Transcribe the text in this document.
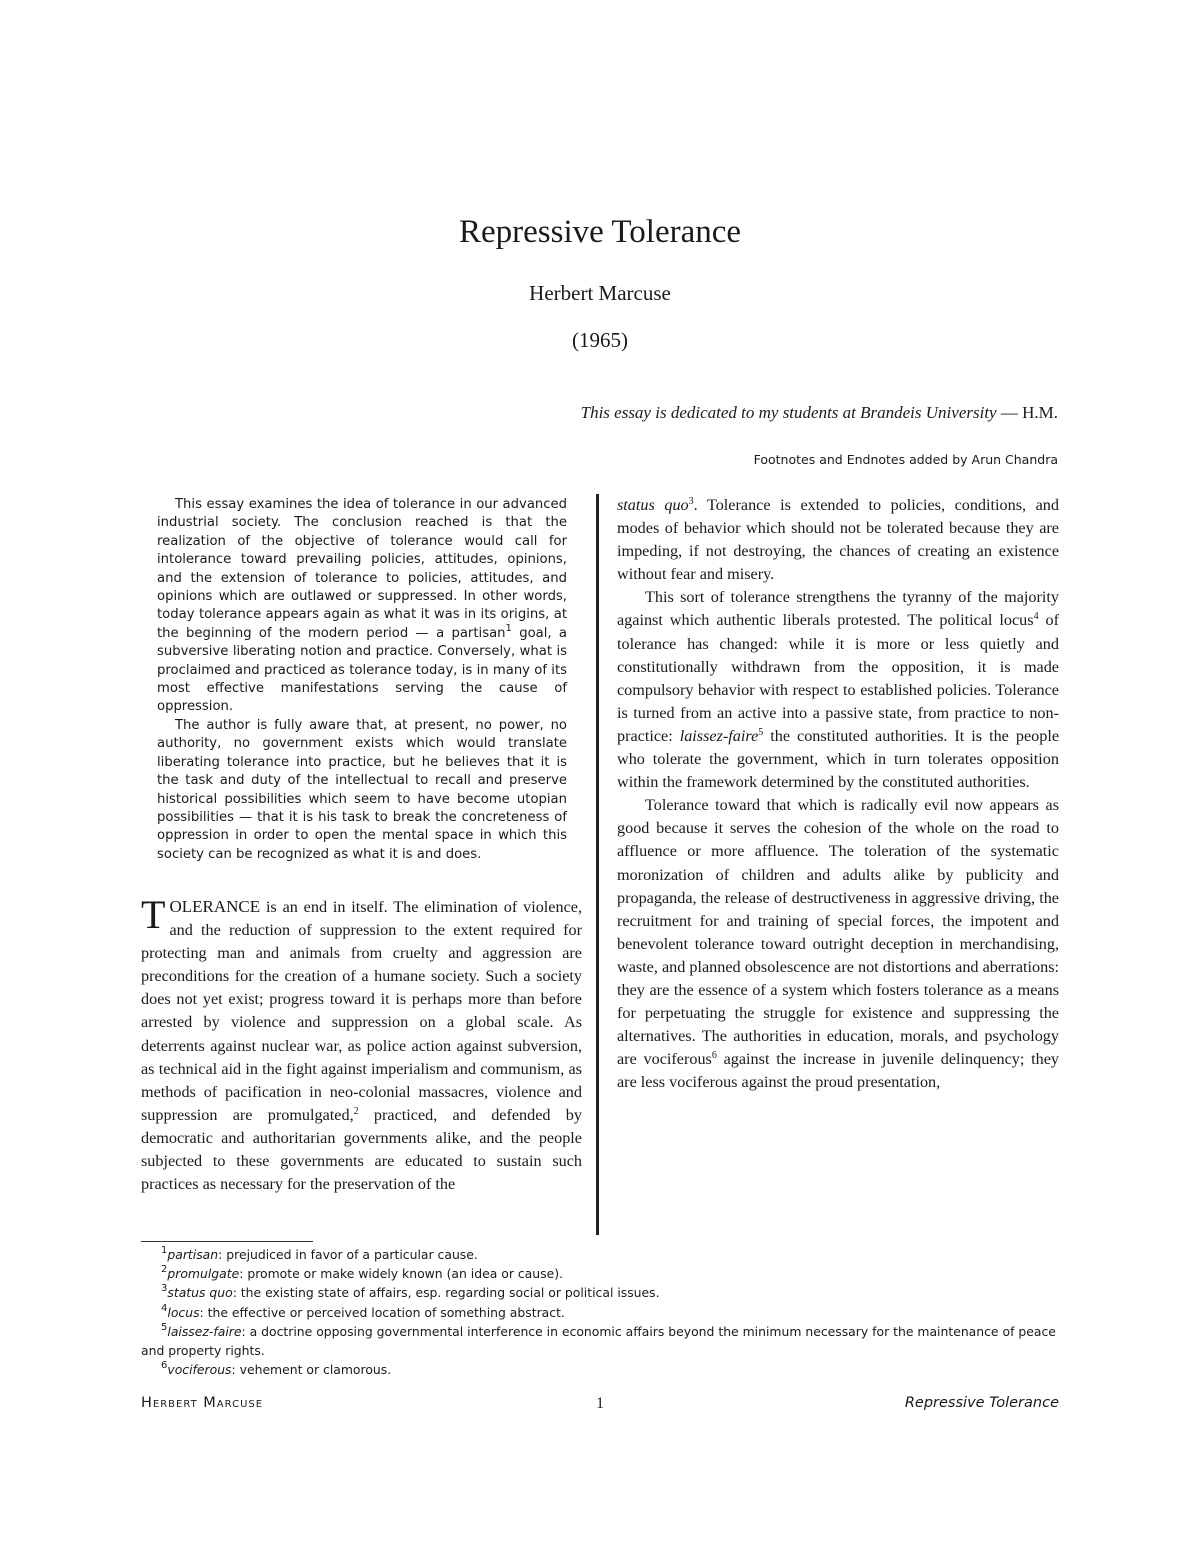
Repressive Tolerance
Herbert Marcuse
(1965)
This essay is dedicated to my students at Brandeis University — H.M.
Footnotes and Endnotes added by Arun Chandra

This essay examines the idea of tolerance in our advanced industrial society. The conclusion reached is that the realization of the objective of tolerance would call for intolerance toward prevailing policies, attitudes, opinions, and the extension of tolerance to policies, attitudes, and opinions which are outlawed or suppressed. In other words, today tolerance appears again as what it was in its origins, at the beginning of the modern period — a partisan$^1$ goal, a subversive liberating notion and practice. Conversely, what is proclaimed and practiced as tolerance today, is in many of its most effective manifestations serving the cause of oppression.

The author is fully aware that, at present, no power, no authority, no government exists which would translate liberating tolerance into practice, but he believes that it is the task and duty of the intellectual to recall and preserve historical possibilities which seem to have become utopian possibilities — that it is his task to break the concreteness of oppression in order to open the mental space in which this society can be recognized as what it is and does.

TOLERANCE is an end in itself. The elimination of violence, and the reduction of suppression to the extent required for protecting man and animals from cruelty and aggression are preconditions for the creation of a humane society. Such a society does not yet exist; progress toward it is perhaps more than before arrested by violence and suppression on a global scale. As deterrents against nuclear war, as police action against subversion, as technical aid in the fight against imperialism and communism, as methods of pacification in neo-colonial massacres, violence and suppression are promulgated,$^2$ practiced, and defended by democratic and authoritarian governments alike, and the people subjected to these governments are educated to sustain such practices as necessary for the preservation of the

status quo$^3$. Tolerance is extended to policies, conditions, and modes of behavior which should not be tolerated because they are impeding, if not destroying, the chances of creating an existence without fear and misery.

This sort of tolerance strengthens the tyranny of the majority against which authentic liberals protested. The political locus$^4$ of tolerance has changed: while it is more or less quietly and constitutionally withdrawn from the opposition, it is made compulsory behavior with respect to established policies. Tolerance is turned from an active into a passive state, from practice to non-practice: laissez-faire$^5$ the constituted authorities. It is the people who tolerate the government, which in turn tolerates opposition within the framework determined by the constituted authorities.

Tolerance toward that which is radically evil now appears as good because it serves the cohesion of the whole on the road to affluence or more affluence. The toleration of the systematic moronization of children and adults alike by publicity and propaganda, the release of destructiveness in aggressive driving, the recruitment for and training of special forces, the impotent and benevolent tolerance toward outright deception in merchandising, waste, and planned obsolescence are not distortions and aberrations: they are the essence of a system which fosters tolerance as a means for perpetuating the struggle for existence and suppressing the alternatives. The authorities in education, morals, and psychology are vociferous$^6$ against the increase in juvenile delinquency; they are less vociferous against the proud presentation,

$^1$partisan: prejudiced in favor of a particular cause.

$^2$promulgate: promote or make widely known (an idea or cause).

$^3$status quo: the existing state of affairs, esp. regarding social or political issues.

$^4$locus: the effective or perceived location of something abstract.

$^5$laissez-faire: a doctrine opposing governmental interference in economic affairs beyond the minimum necessary for the maintenance of peace and property rights.

$^6$vociferous: vehement or clamorous.

Herbert Marcuse	1	Repressive Tolerance
